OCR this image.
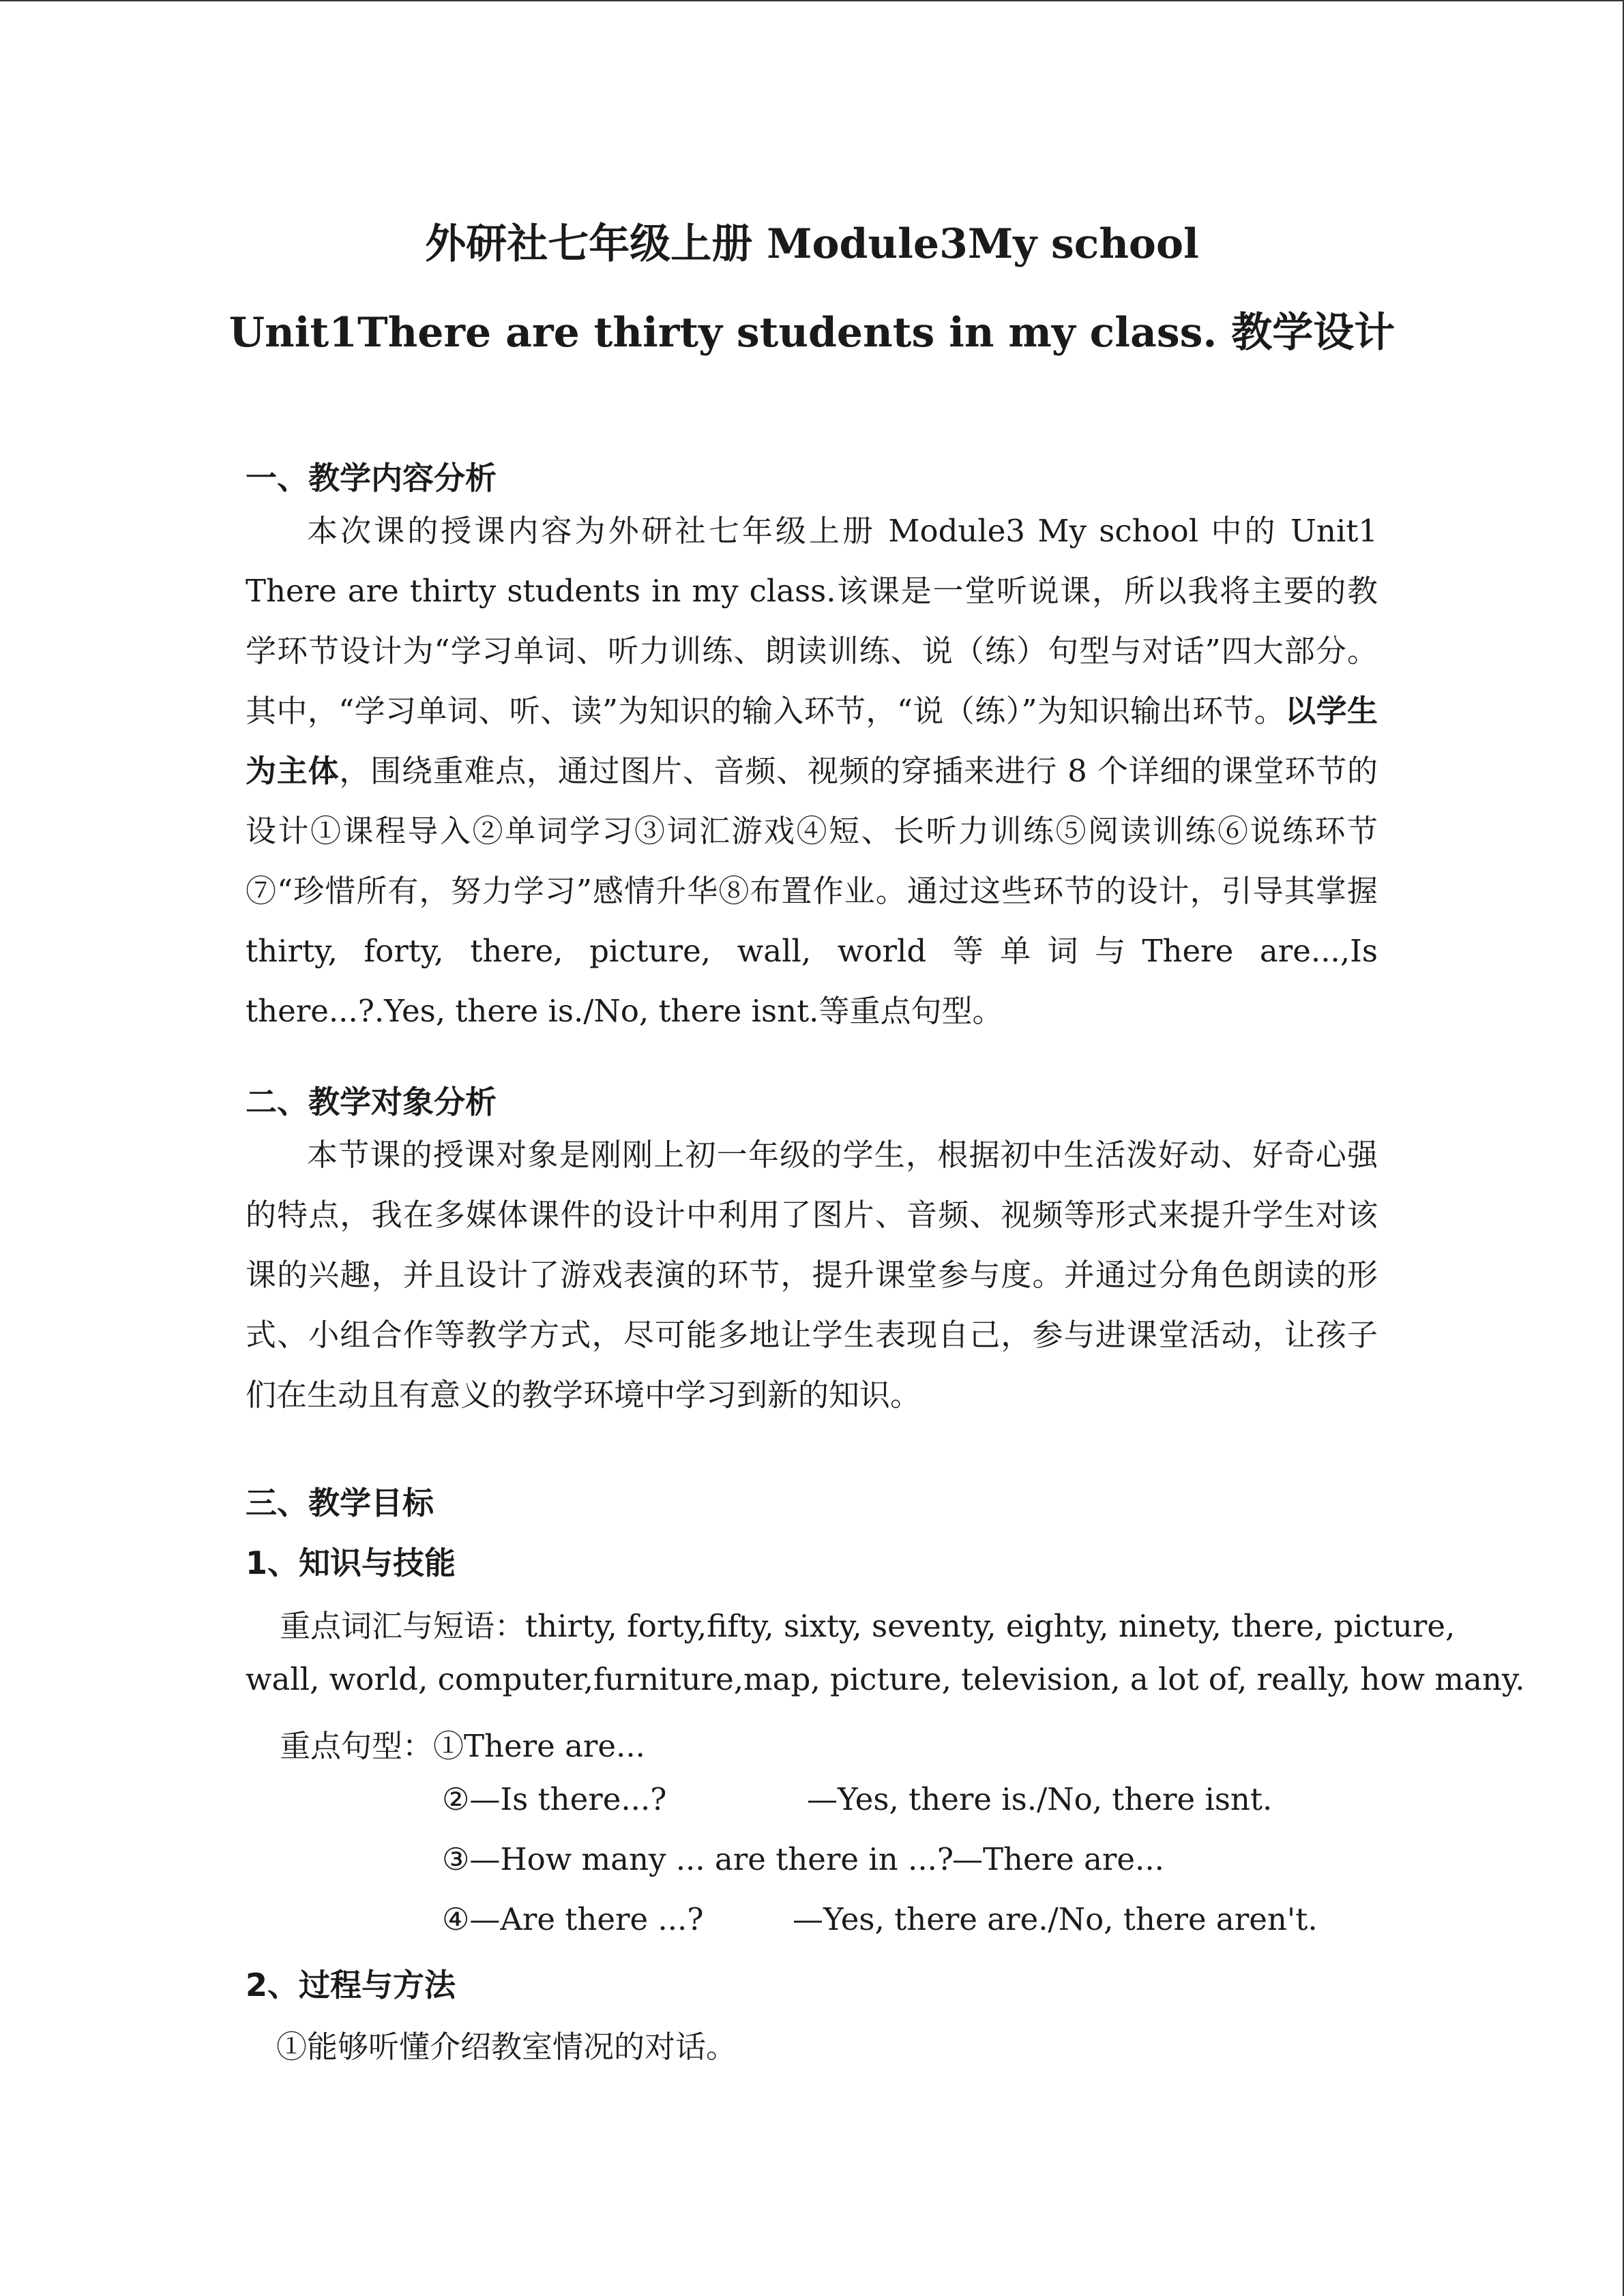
外研社七年级上册 Module3My school
Unit1There are thirty students in my class. 教学设计
一、教学内容分析
本次课的授课内容为外研社七年级上册 Module3 My school 中的 Unit1 There are thirty students in my class.该课是一堂听说课，所以我将主要的教学环节设计为“学习单词、听力训练、朗读训练、说（练）句型与对话”四大部分。其中，“学习单词、听、读”为知识的输入环节，“说（练）”为知识输出环节。以学生为主体，围绕重难点，通过图片、音频、视频的穿插来进行 8 个详细的课堂环节的设计①课程导入②单词学习③词汇游戏④短、长听力训练⑤阅读训练⑥说练环节⑦“珍惜所有，努力学习”感情升华⑧布置作业。通过这些环节的设计，引导其掌握 thirty, forty, there, picture, wall, world 等单词与There are...,Is there...?.Yes, there is./No, there isnt.等重点句型。
二、教学对象分析
本节课的授课对象是刚刚上初一年级的学生，根据初中生活泼好动、好奇心强的特点，我在多媒体课件的设计中利用了图片、音频、视频等形式来提升学生对该课的兴趣，并且设计了游戏表演的环节，提升课堂参与度。并通过分角色朗读的形式、小组合作等教学方式，尽可能多地让学生表现自己，参与进课堂活动，让孩子们在生动且有意义的教学环境中学习到新的知识。
三、教学目标
1、知识与技能
重点词汇与短语：thirty, forty,fifty, sixty, seventy, eighty, ninety, there, picture,
wall, world, computer,furniture,map, picture, television, a lot of, really, how many.
重点句型：①There are...
②—Is there...?	—Yes, there is./No, there isnt.
③—How many ... are there in ...?
—There are...
④—Are there ...?	—Yes, there are./No, there aren't.
2、过程与方法
①能够听懂介绍教室情况的对话。
